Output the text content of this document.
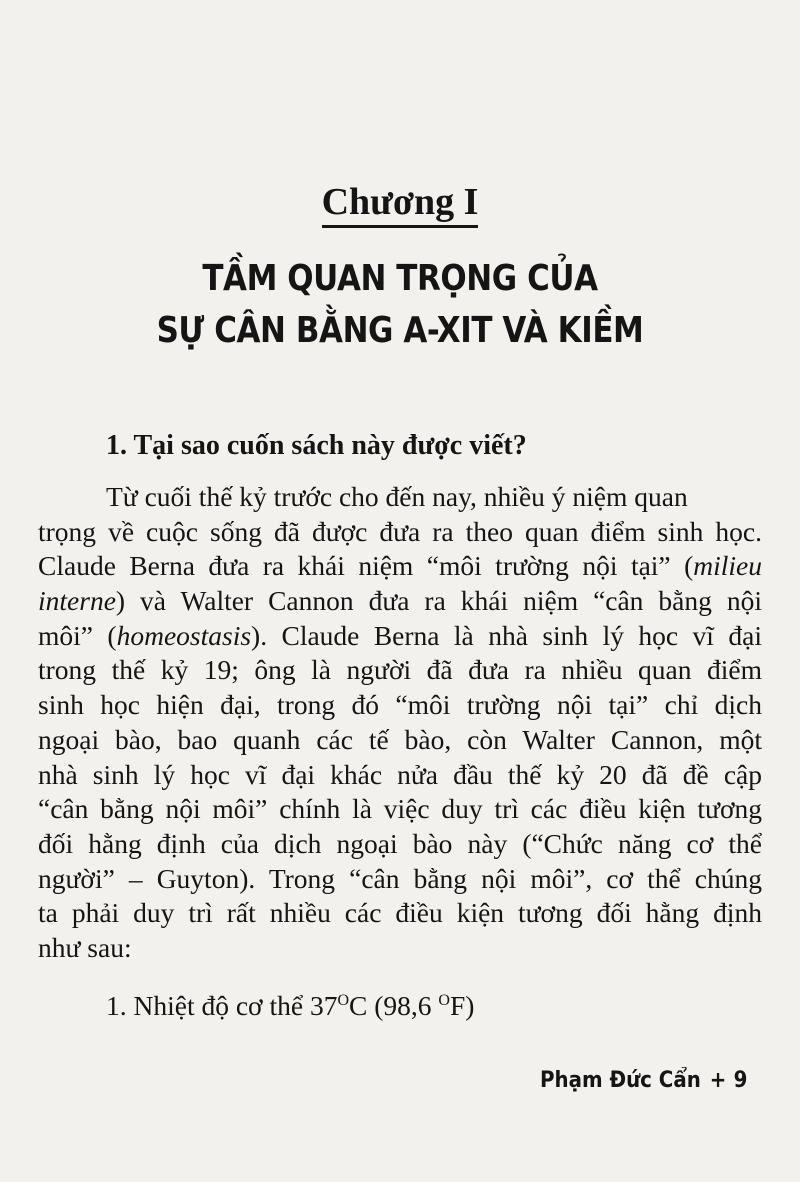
Chương I
TẦM QUAN TRỌNG CỦA
SỰ CÂN BẰNG A-XIT VÀ KIỀM
1. Tại sao cuốn sách này được viết?
Từ cuối thế kỷ trước cho đến nay, nhiều ý niệm quan
trọng về cuộc sống đã được đưa ra theo quan điểm sinh học.
Claude Berna đưa ra khái niệm “môi trường nội tại” (milieu
interne) và Walter Cannon đưa ra khái niệm “cân bằng nội
môi” (homeostasis). Claude Berna là nhà sinh lý học vĩ đại
trong thế kỷ 19; ông là người đã đưa ra nhiều quan điểm
sinh học hiện đại, trong đó “môi trường nội tại” chỉ dịch
ngoại bào, bao quanh các tế bào, còn Walter Cannon, một
nhà sinh lý học vĩ đại khác nửa đầu thế kỷ 20 đã đề cập
“cân bằng nội môi” chính là việc duy trì các điều kiện tương
đối hằng định của dịch ngoại bào này (“Chức năng cơ thể
người” – Guyton). Trong “cân bằng nội môi”, cơ thể chúng
ta phải duy trì rất nhiều các điều kiện tương đối hằng định
như sau:
1. Nhiệt độ cơ thể $37^OC$ (98,6 $^O$F)
Phạm Đức Cẩn + 9
